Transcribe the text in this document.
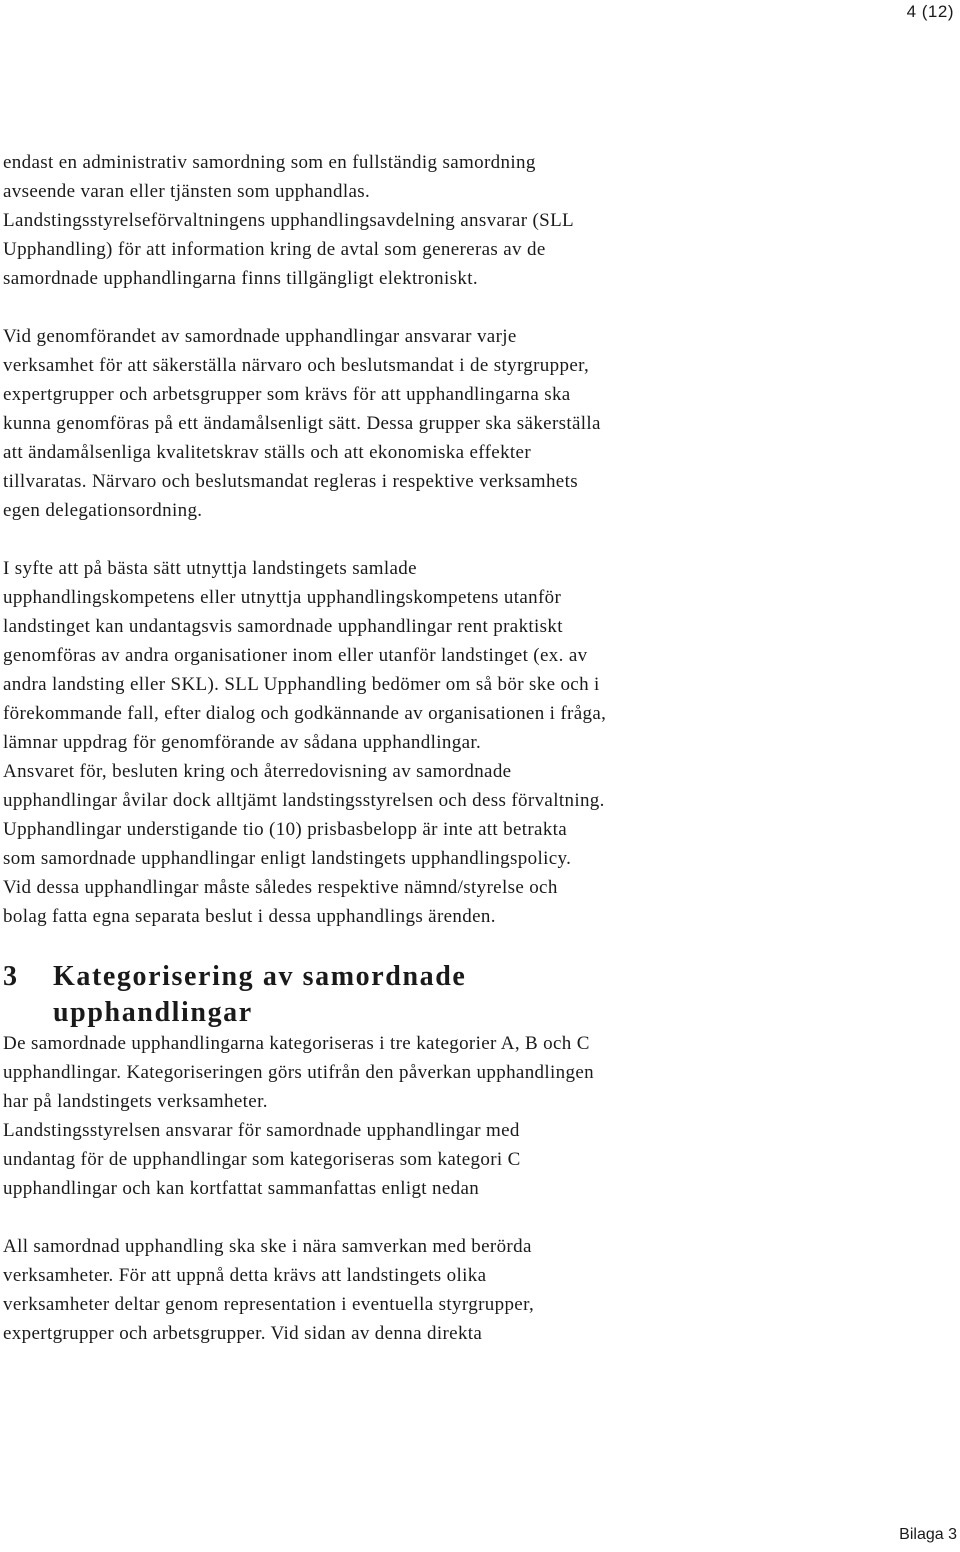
4 (12)

endast en administrativ samordning som en fullständig samordning
avseende varan eller tjänsten som upphandlas.
Landstingsstyrelseförvaltningens upphandlingsavdelning ansvarar (SLL
Upphandling) för att information kring de avtal som genereras av de
samordnade upphandlingarna finns tillgängligt elektroniskt.

Vid genomförandet av samordnade upphandlingar ansvarar varje
verksamhet för att säkerställa närvaro och beslutsmandat i de styrgrupper,
expertgrupper och arbetsgrupper som krävs för att upphandlingarna ska
kunna genomföras på ett ändamålsenligt sätt. Dessa grupper ska säkerställa
att ändamålsenliga kvalitetskrav ställs och att ekonomiska effekter
tillvaratas. Närvaro och beslutsmandat regleras i respektive verksamhets
egen delegationsordning.

I syfte att på bästa sätt utnyttja landstingets samlade
upphandlingskompetens eller utnyttja upphandlingskompetens utanför
landstinget kan undantagsvis samordnade upphandlingar rent praktiskt
genomföras av andra organisationer inom eller utanför landstinget (ex. av
andra landsting eller SKL). SLL Upphandling bedömer om så bör ske och i
förekommande fall, efter dialog och godkännande av organisationen i fråga,
lämnar uppdrag för genomförande av sådana upphandlingar.
Ansvaret för, besluten kring och återredovisning av samordnade
upphandlingar åvilar dock alltjämt landstingsstyrelsen och dess förvaltning.
Upphandlingar understigande tio (10) prisbasbelopp är inte att betrakta
som samordnade upphandlingar enligt landstingets upphandlingspolicy.
Vid dessa upphandlingar måste således respektive nämnd/styrelse och
bolag fatta egna separata beslut i dessa upphandlings ärenden.

3 Kategorisering av samordnade
upphandlingar

De samordnade upphandlingarna kategoriseras i tre kategorier A, B och C
upphandlingar. Kategoriseringen görs utifrån den påverkan upphandlingen
har på landstingets verksamheter.
Landstingsstyrelsen ansvarar för samordnade upphandlingar med
undantag för de upphandlingar som kategoriseras som kategori C
upphandlingar och kan kortfattat sammanfattas enligt nedan

All samordnad upphandling ska ske i nära samverkan med berörda
verksamheter. För att uppnå detta krävs att landstingets olika
verksamheter deltar genom representation i eventuella styrgrupper,
expertgrupper och arbetsgrupper. Vid sidan av denna direkta

Bilaga 3
